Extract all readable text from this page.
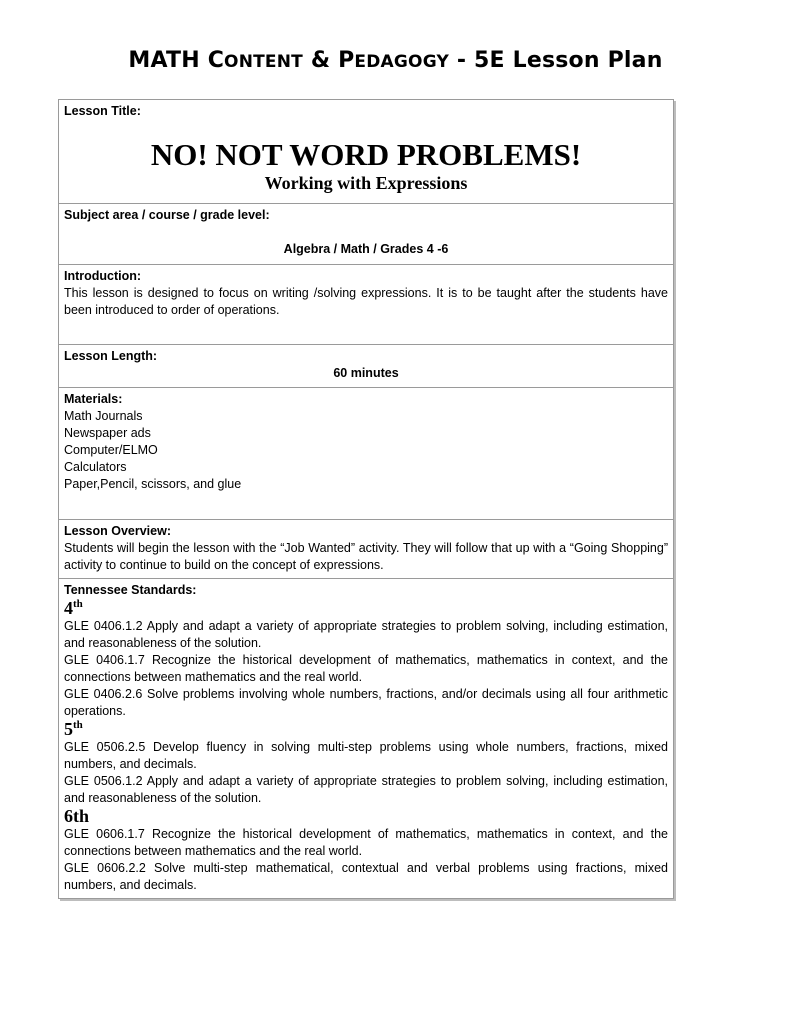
MATH CONTENT & PEDAGOGY - 5E Lesson Plan
Lesson Title:
NO! NOT WORD PROBLEMS!
Working with Expressions
Subject area / course / grade level:
Algebra / Math / Grades 4 -6
Introduction:
This lesson is designed to focus on writing /solving expressions. It is to be taught after the students have been introduced to order of operations.
Lesson Length:
60 minutes
Materials:
Math Journals
Newspaper ads
Computer/ELMO
Calculators
Paper,Pencil, scissors, and glue
Lesson Overview:
Students will begin the lesson with the “Job Wanted” activity. They will follow that up with a “Going Shopping” activity to continue to build on the concept of expressions.
Tennessee Standards:
4th
GLE 0406.1.2 Apply and adapt a variety of appropriate strategies to problem solving, including estimation, and reasonableness of the solution.
GLE 0406.1.7 Recognize the historical development of mathematics, mathematics in context, and the connections between mathematics and the real world.
GLE 0406.2.6 Solve problems involving whole numbers, fractions, and/or decimals using all four arithmetic operations.
5th
GLE 0506.2.5 Develop fluency in solving multi-step problems using whole numbers, fractions, mixed numbers, and decimals.
GLE 0506.1.2 Apply and adapt a variety of appropriate strategies to problem solving, including estimation, and reasonableness of the solution.
6th
GLE 0606.1.7 Recognize the historical development of mathematics, mathematics in context, and the connections between mathematics and the real world.
GLE 0606.2.2 Solve multi-step mathematical, contextual and verbal problems using fractions, mixed numbers, and decimals.
